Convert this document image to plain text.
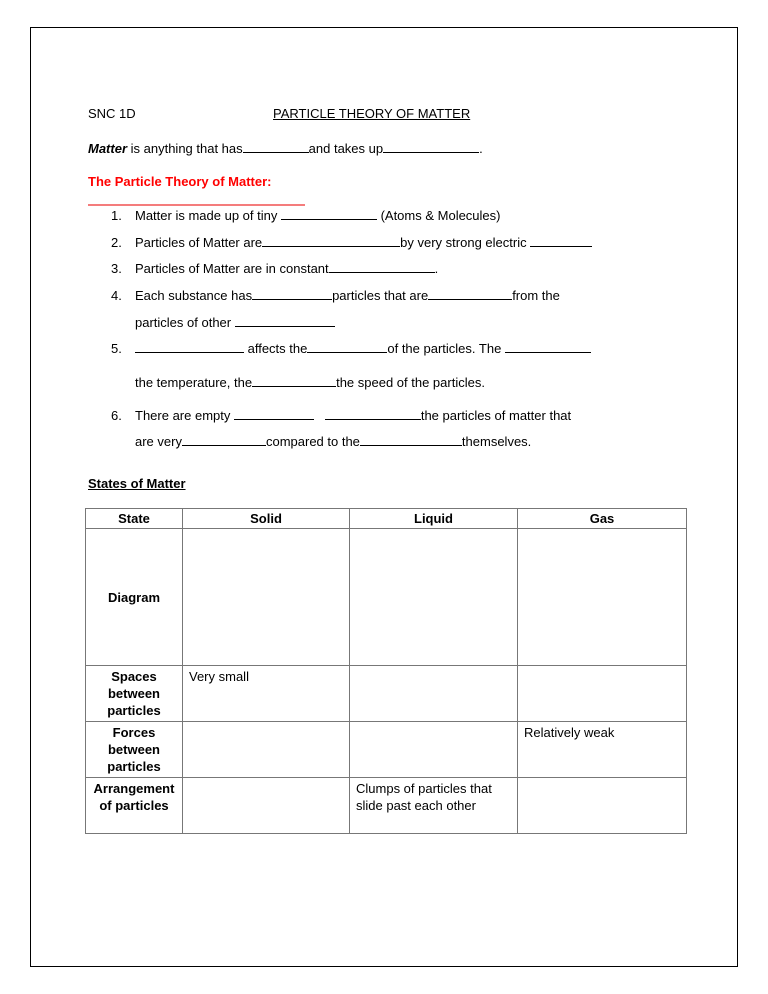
SNC 1D	PARTICLE THEORY OF MATTER
Matter is anything that has	and takes up	.
The Particle Theory of Matter:
1. Matter is made up of tiny	(Atoms & Molecules)
2. Particles of Matter are	by very strong electric
3. Particles of Matter are in constant	.
4. Each substance has	particles that are	from the
particles of other
5.	affects the	of the particles. The
the temperature, the	the speed of the particles.
6. There are empty	the particles of matter that
are very	compared to the	themselves.
States of Matter
State	Solid	Liquid	Gas
Diagram			
Spaces between particles	Very small		
Forces between particles			Relatively weak
Arrangement of particles		Clumps of particles that slide past each other	
